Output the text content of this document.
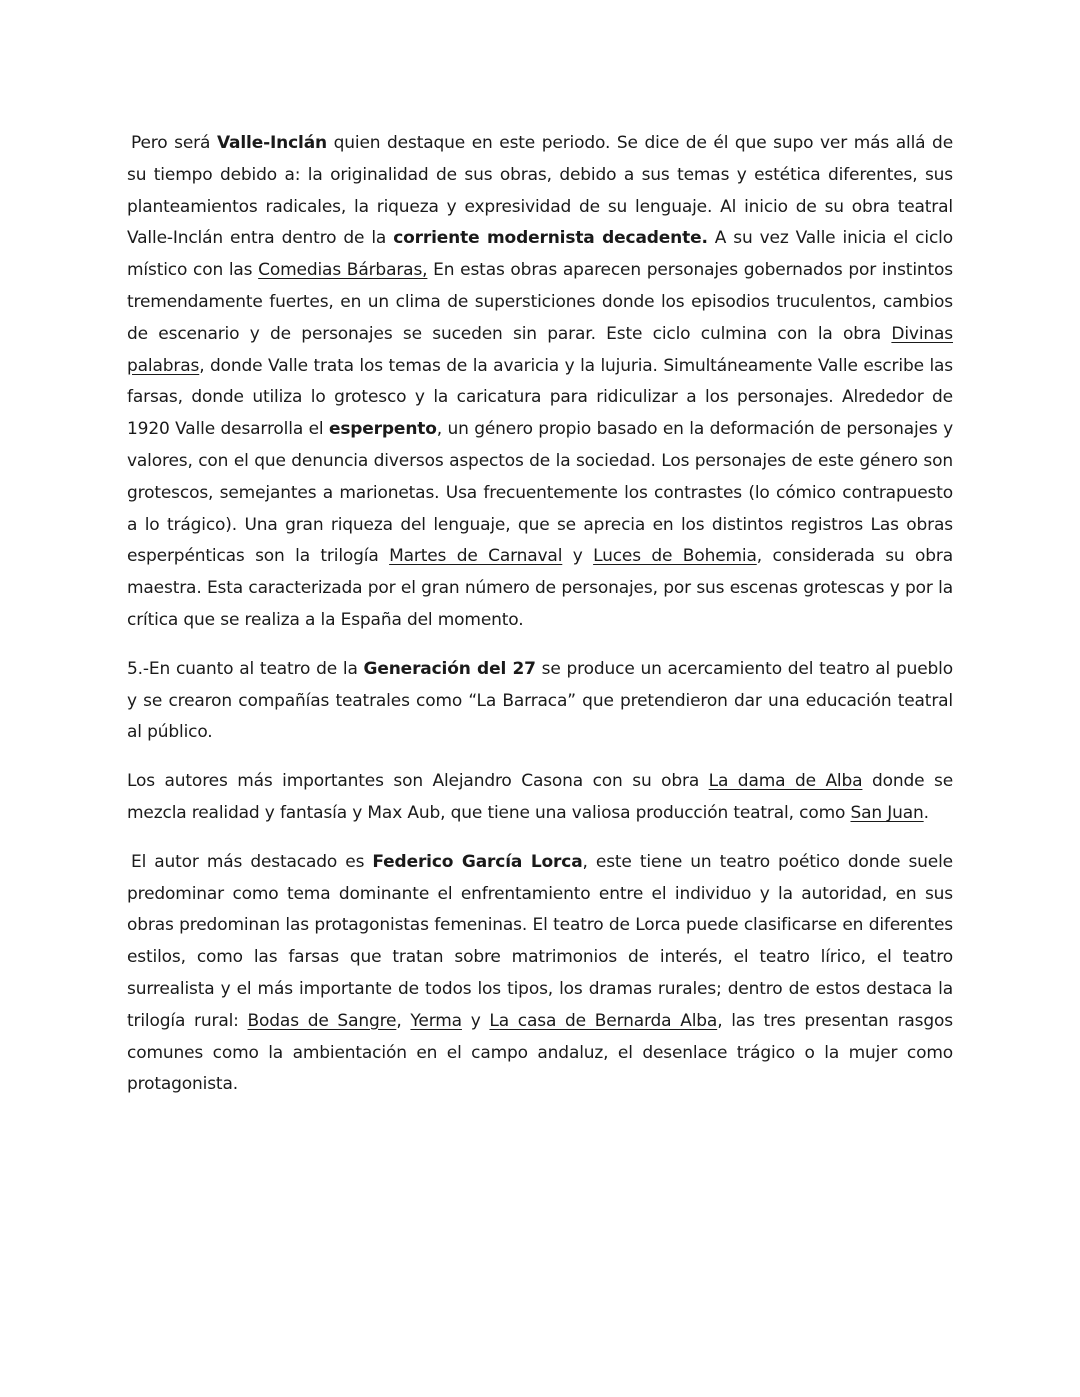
Pero será Valle-Inclán quien destaque en este periodo. Se dice de él que supo ver más allá de su tiempo debido a: la originalidad de sus obras, debido a sus temas y estética diferentes, sus planteamientos radicales, la riqueza y expresividad de su lenguaje. Al inicio de su obra teatral Valle-Inclán entra dentro de la corriente modernista decadente. A su vez Valle inicia el ciclo místico con las Comedias Bárbaras, En estas obras aparecen personajes gobernados por instintos tremendamente fuertes, en un clima de supersticiones donde los episodios truculentos, cambios de escenario y de personajes se suceden sin parar. Este ciclo culmina con la obra Divinas palabras, donde Valle trata los temas de la avaricia y la lujuria. Simultáneamente Valle escribe las farsas, donde utiliza lo grotesco y la caricatura para ridiculizar a los personajes. Alrededor de 1920 Valle desarrolla el esperpento, un género propio basado en la deformación de personajes y valores, con el que denuncia diversos aspectos de la sociedad. Los personajes de este género son grotescos, semejantes a marionetas. Usa frecuentemente los contrastes (lo cómico contrapuesto a lo trágico). Una gran riqueza del lenguaje, que se aprecia en los distintos registros Las obras esperpénticas son la trilogía Martes de Carnaval y Luces de Bohemia, considerada su obra maestra. Esta caracterizada por el gran número de personajes, por sus escenas grotescas y por la crítica que se realiza a la España del momento.

5.-En cuanto al teatro de la Generación del 27 se produce un acercamiento del teatro al pueblo y se crearon compañías teatrales como “La Barraca” que pretendieron dar una educación teatral al público.

Los autores más importantes son Alejandro Casona con su obra La dama de Alba donde se mezcla realidad y fantasía y Max Aub, que tiene una valiosa producción teatral, como San Juan.

El autor más destacado es Federico García Lorca, este tiene un teatro poético donde suele predominar como tema dominante el enfrentamiento entre el individuo y la autoridad, en sus obras predominan las protagonistas femeninas. El teatro de Lorca puede clasificarse en diferentes estilos, como las farsas que tratan sobre matrimonios de interés, el teatro lírico, el teatro surrealista y el más importante de todos los tipos, los dramas rurales; dentro de estos destaca la trilogía rural: Bodas de Sangre, Yerma y La casa de Bernarda Alba, las tres presentan rasgos comunes como la ambientación en el campo andaluz, el desenlace trágico o la mujer como protagonista.
